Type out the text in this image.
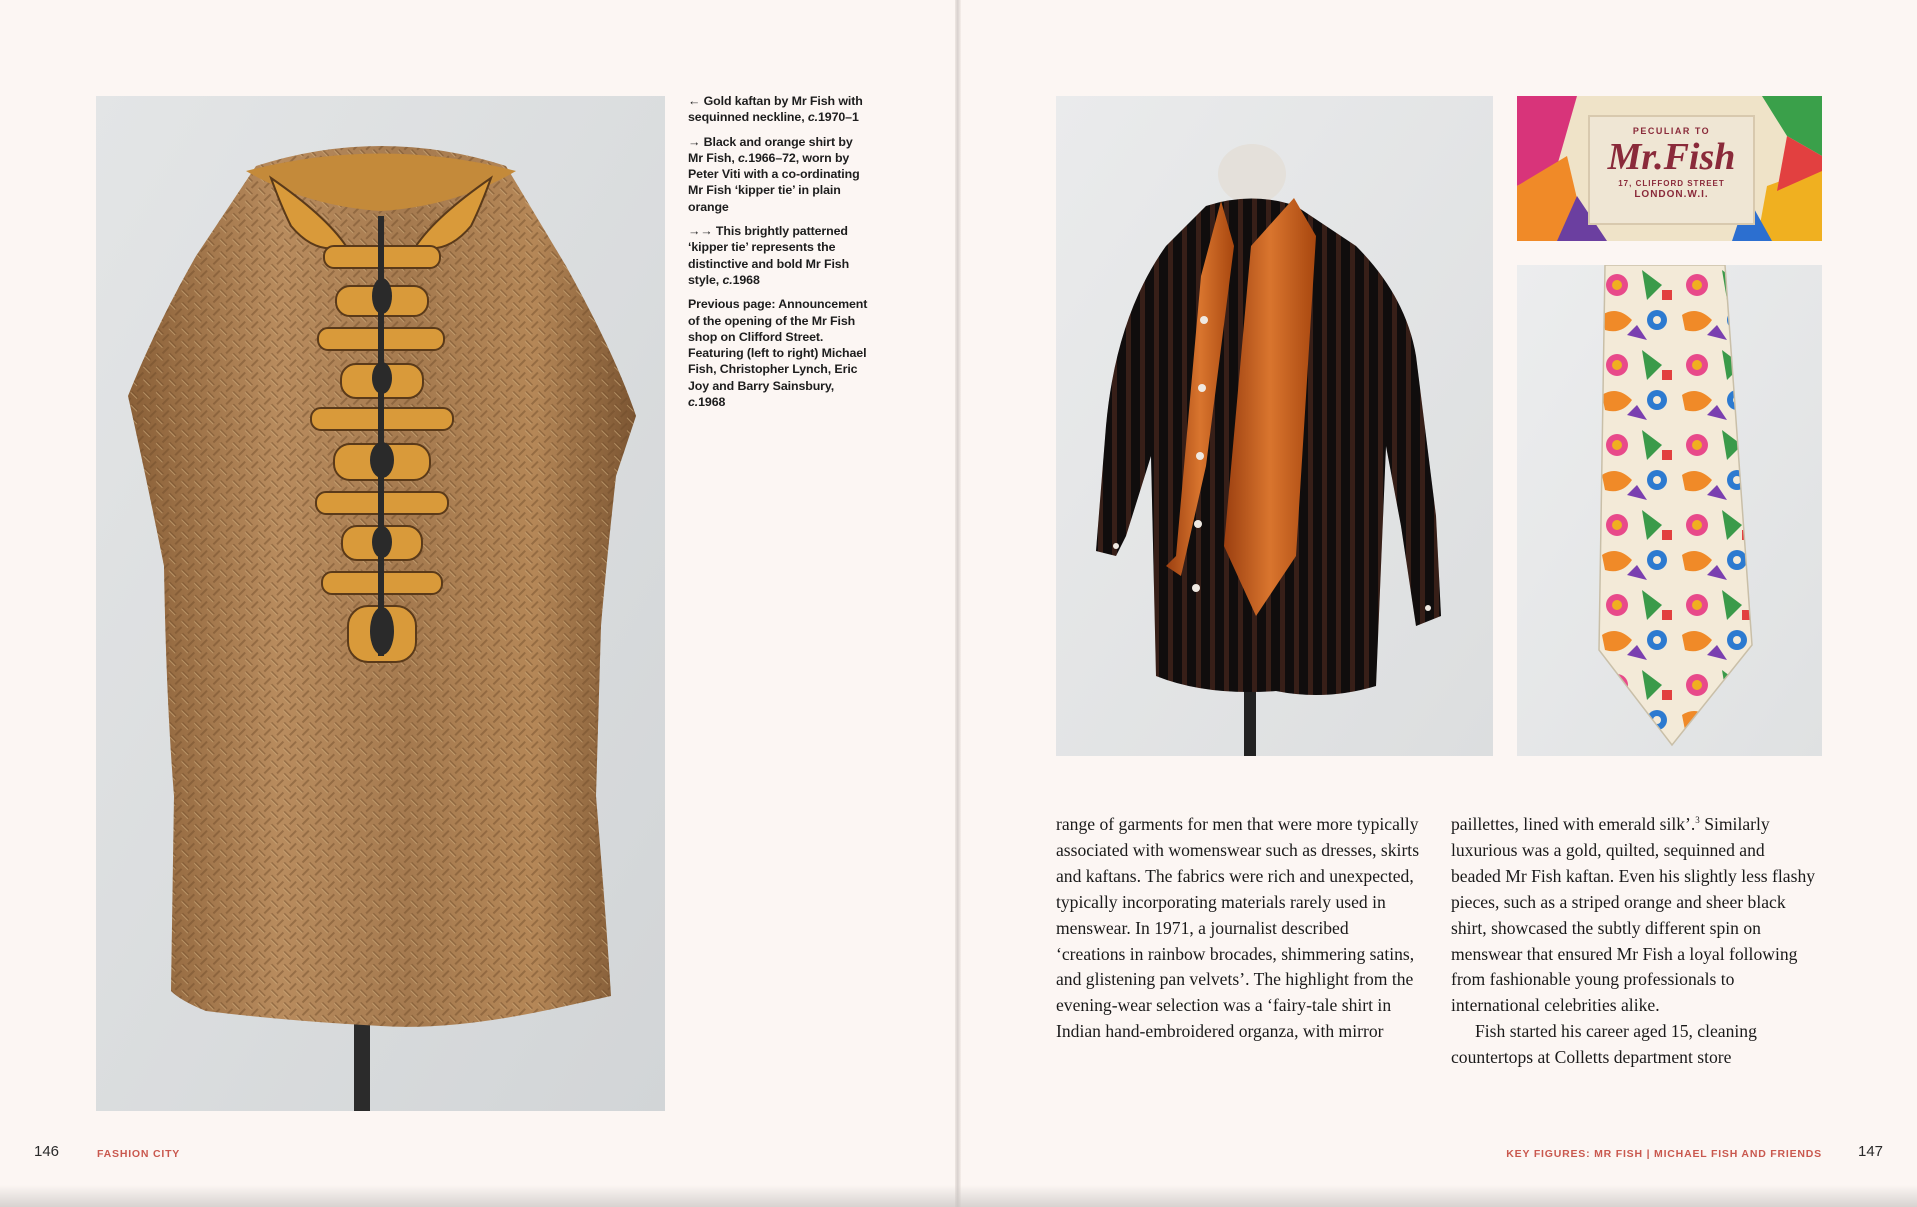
← Gold kaftan by Mr Fish with sequinned neckline, c.1970–1

→ Black and orange shirt by Mr Fish, c.1966–72, worn by Peter Viti with a co-ordinating Mr Fish ‘kipper tie’ in plain orange

→→ This brightly patterned ‘kipper tie’ represents the distinctive and bold Mr Fish style, c.1968

Previous page: Announcement of the opening of the Mr Fish shop on Clifford Street. Featuring (left to right) Michael Fish, Christopher Lynch, Eric Joy and Barry Sainsbury, c.1968

PECULIAR TO
Mr.Fish
17, CLIFFORD STREET
LONDON.W.I.

range of garments for men that were more typically associated with womenswear such as dresses, skirts and kaftans. The fabrics were rich and unexpected, typically incorporating materials rarely used in menswear. In 1971, a journalist described ‘creations in rainbow brocades, shimmering satins, and glistening pan velvets’. The highlight from the evening-wear selection was a ‘fairy-tale shirt in Indian hand-embroidered organza, with mirror

paillettes, lined with emerald silk’.$^3$ Similarly luxurious was a gold, quilted, sequinned and beaded Mr Fish kaftan. Even his slightly less flashy pieces, such as a striped orange and sheer black shirt, showcased the subtly different spin on menswear that ensured Mr Fish a loyal following from fashionable young professionals to international celebrities alike.

Fish started his career aged 15, cleaning countertops at Colletts department store

146	FASHION CITY	KEY FIGURES: MR FISH | MICHAEL FISH AND FRIENDS 147
